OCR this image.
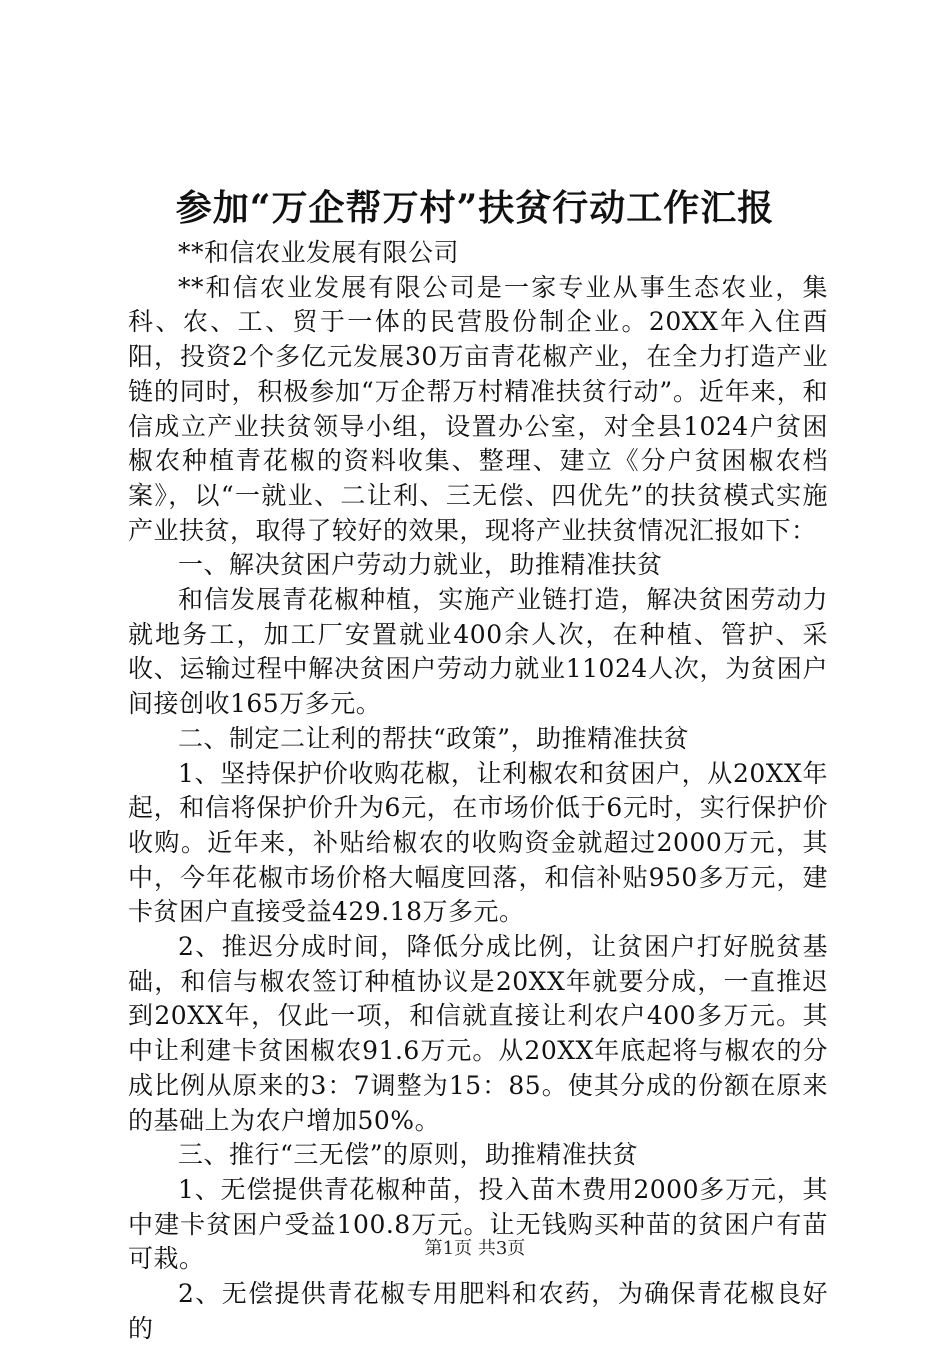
参加“万企帮万村”扶贫行动工作汇报

**和信农业发展有限公司

**和信农业发展有限公司是一家专业从事生态农业，集科、农、工、贸于一体的民营股份制企业。20XX年入住酉阳，投资2个多亿元发展30万亩青花椒产业，在全力打造产业链的同时，积极参加“万企帮万村精准扶贫行动”。近年来，和信成立产业扶贫领导小组，设置办公室，对全县1024户贫困椒农种植青花椒的资料收集、整理、建立《分户贫困椒农档案》，以“一就业、二让利、三无偿、四优先”的扶贫模式实施产业扶贫，取得了较好的效果，现将产业扶贫情况汇报如下：

一、解决贫困户劳动力就业，助推精准扶贫

和信发展青花椒种植，实施产业链打造，解决贫困劳动力就地务工，加工厂安置就业400余人次，在种植、管护、采收、运输过程中解决贫困户劳动力就业11024人次，为贫困户间接创收165万多元。

二、制定二让利的帮扶“政策”，助推精准扶贫

1、坚持保护价收购花椒，让利椒农和贫困户，从20XX年起，和信将保护价升为6元，在市场价低于6元时，实行保护价收购。近年来，补贴给椒农的收购资金就超过2000万元，其中，今年花椒市场价格大幅度回落，和信补贴950多万元，建卡贫困户直接受益429.18万多元。

2、推迟分成时间，降低分成比例，让贫困户打好脱贫基础，和信与椒农签订种植协议是20XX年就要分成，一直推迟到20XX年，仅此一项，和信就直接让利农户400多万元。其中让利建卡贫困椒农91.6万元。从20XX年底起将与椒农的分成比例从原来的3：7调整为15：85。使其分成的份额在原来的基础上为农户增加50%。

三、推行“三无偿”的原则，助推精准扶贫

1、无偿提供青花椒种苗，投入苗木费用2000多万元，其中建卡贫困户受益100.8万元。让无钱购买种苗的贫困户有苗可栽。

2、无偿提供青花椒专用肥料和农药，为确保青花椒良好的

第1页 共3页
